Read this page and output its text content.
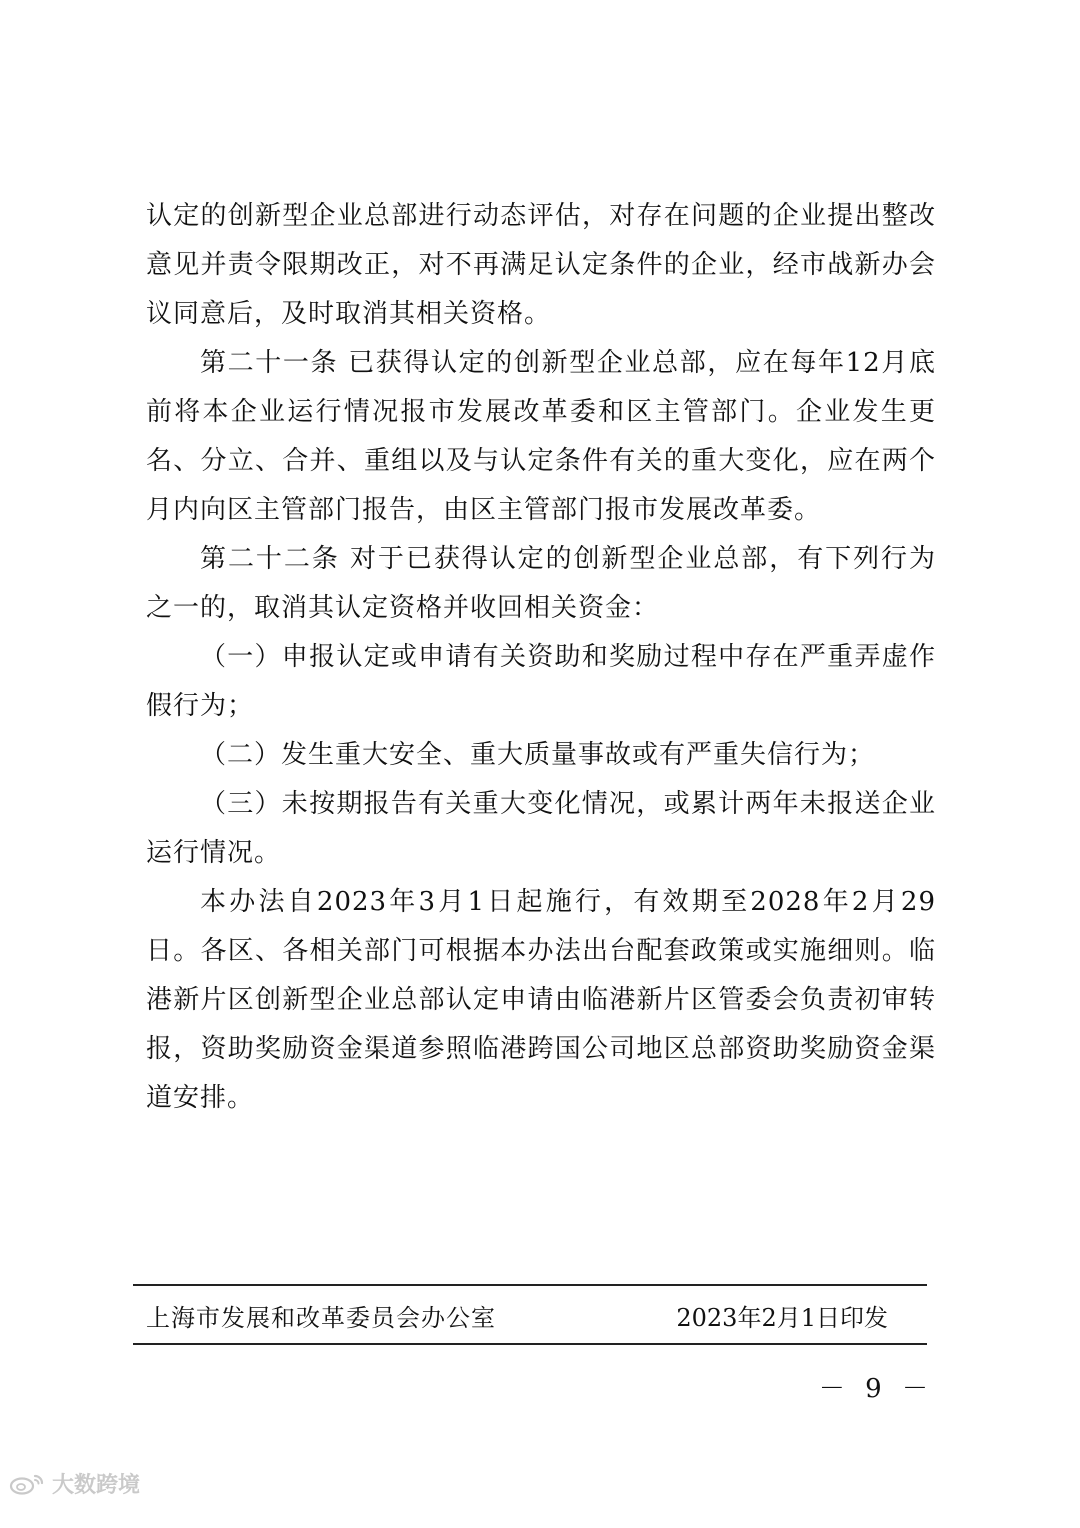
认定的创新型企业总部进行动态评估，对存在问题的企业提出整改意见并责令限期改正，对不再满足认定条件的企业，经市战新办会议同意后，及时取消其相关资格。

第二十一条 已获得认定的创新型企业总部，应在每年12月底前将本企业运行情况报市发展改革委和区主管部门。企业发生更名、分立、合并、重组以及与认定条件有关的重大变化，应在两个月内向区主管部门报告，由区主管部门报市发展改革委。

第二十二条 对于已获得认定的创新型企业总部，有下列行为之一的，取消其认定资格并收回相关资金：

（一）申报认定或申请有关资助和奖励过程中存在严重弄虚作假行为；

（二）发生重大安全、重大质量事故或有严重失信行为；

（三）未按期报告有关重大变化情况，或累计两年未报送企业运行情况。

本办法自2023年3月1日起施行，有效期至2028年2月29日。各区、各相关部门可根据本办法出台配套政策或实施细则。临港新片区创新型企业总部认定申请由临港新片区管委会负责初审转报，资助奖励资金渠道参照临港跨国公司地区总部资助奖励资金渠道安排。

上海市发展和改革委员会办公室	2023年2月1日印发
－ 9 －
大数跨境
